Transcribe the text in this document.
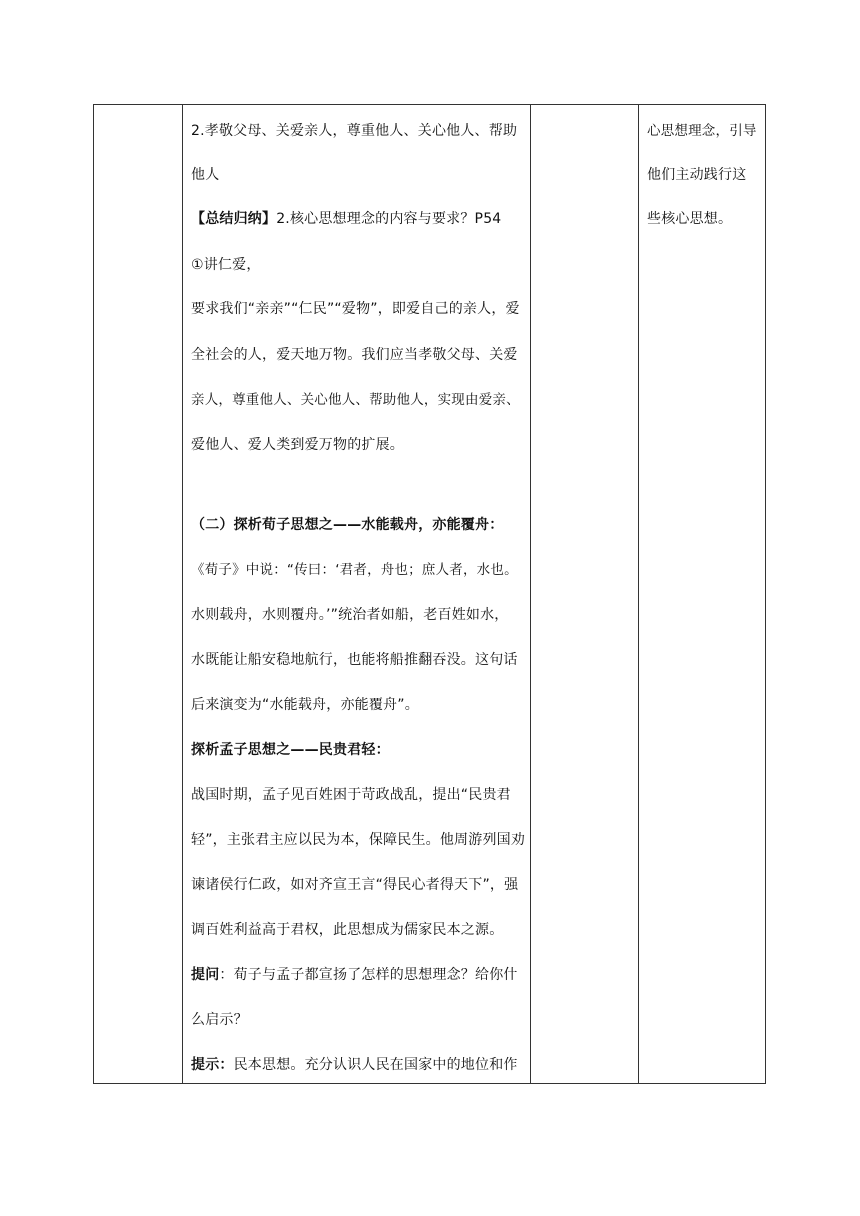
2.孝敬父母、关爱亲人，尊重他人、关心他人、帮助
他人
【总结归纳】2.核心思想理念的内容与要求？P54
①讲仁爱，
要求我们“亲亲”“仁民”“爱物”，即爱自己的亲人，爱
全社会的人，爱天地万物。我们应当孝敬父母、关爱
亲人，尊重他人、关心他人、帮助他人，实现由爱亲、
爱他人、爱人类到爱万物的扩展。
（二）探析荀子思想之——水能载舟，亦能覆舟：
《荀子》中说：“传曰：‘君者，舟也；庶人者，水也。
水则载舟，水则覆舟。’”统治者如船，老百姓如水，
水既能让船安稳地航行，也能将船推翻吞没。这句话
后来演变为“水能载舟，亦能覆舟”。
探析孟子思想之——民贵君轻：
战国时期，孟子见百姓困于苛政战乱，提出“民贵君
轻”，主张君主应以民为本，保障民生。他周游列国劝
谏诸侯行仁政，如对齐宣王言“得民心者得天下”，强
调百姓利益高于君权，此思想成为儒家民本之源。
提问：荀子与孟子都宣扬了怎样的思想理念？给你什
么启示？
提示：民本思想。充分认识人民在国家中的地位和作
心思想理念，引导
他们主动践行这
些核心思想。
